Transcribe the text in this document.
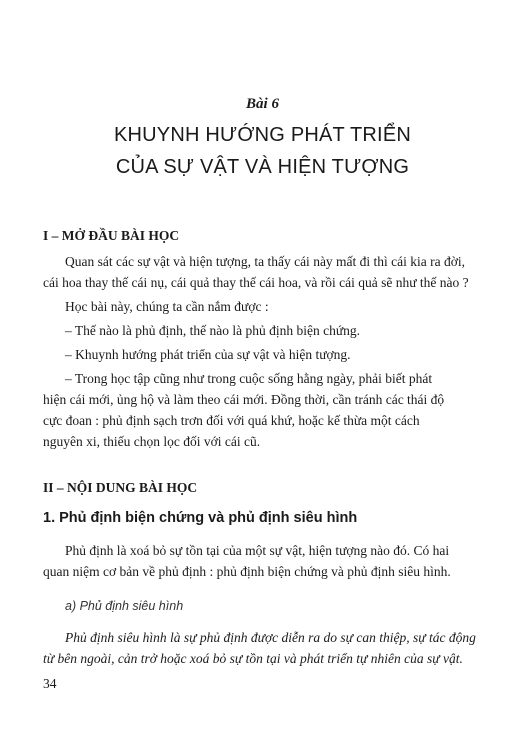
Bài 6
KHUYNH HƯỚNG PHÁT TRIỂN
CỦA SỰ VẬT VÀ HIỆN TƯỢNG
I – MỞ ĐẦU BÀI HỌC
Quan sát các sự vật và hiện tượng, ta thấy cái này mất đi thì cái kia ra đời,
cái hoa thay thế cái nụ, cái quả thay thế cái hoa, và rồi cái quả sẽ như thế nào ?
Học bài này, chúng ta cần nắm được :
– Thế nào là phủ định, thế nào là phủ định biện chứng.
– Khuynh hướng phát triển của sự vật và hiện tượng.
– Trong học tập cũng như trong cuộc sống hằng ngày, phải biết phát
hiện cái mới, ủng hộ và làm theo cái mới. Đồng thời, cần tránh các thái độ
cực đoan : phủ định sạch trơn đối với quá khứ, hoặc kế thừa một cách
nguyên xi, thiếu chọn lọc đối với cái cũ.
II – NỘI DUNG BÀI HỌC
1. Phủ định biện chứng và phủ định siêu hình
Phủ định là xoá bỏ sự tồn tại của một sự vật, hiện tượng nào đó. Có hai
quan niệm cơ bản về phủ định : phủ định biện chứng và phủ định siêu hình.
a) Phủ định siêu hình
Phủ định siêu hình là sự phủ định được diễn ra do sự can thiệp, sự tác động
từ bên ngoài, cản trở hoặc xoá bỏ sự tồn tại và phát triển tự nhiên của sự vật.
34
